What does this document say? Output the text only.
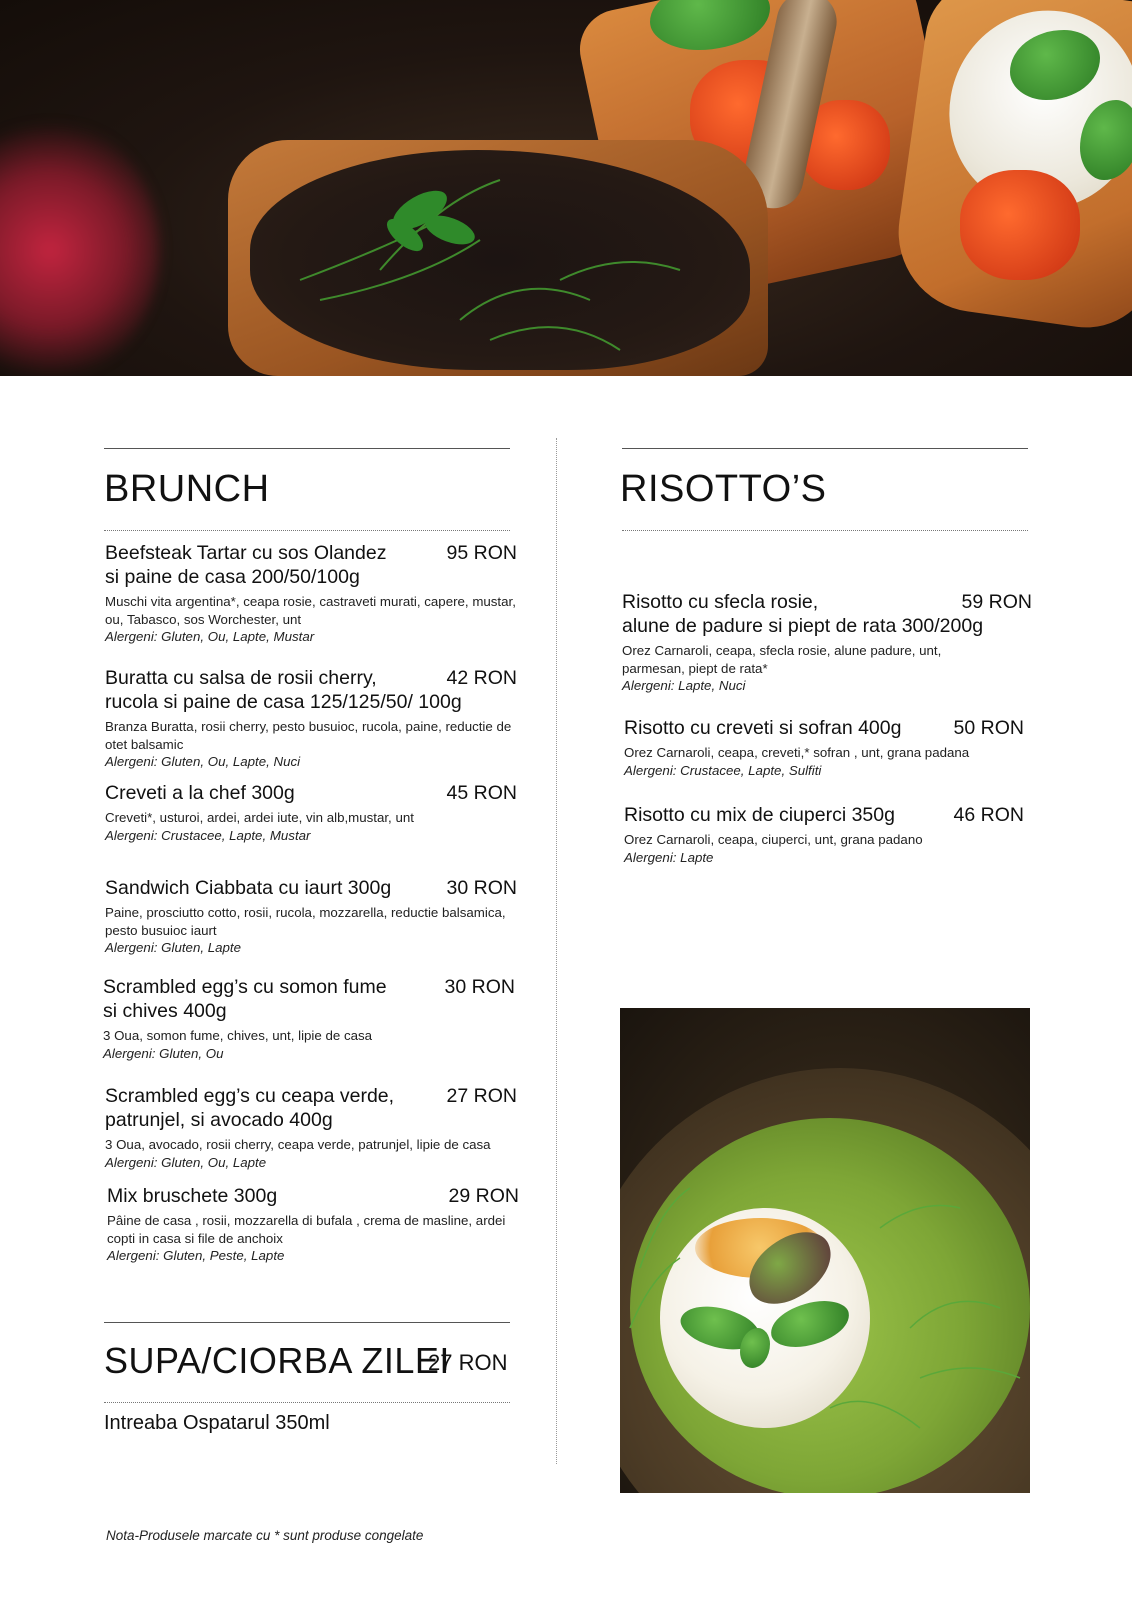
BRUNCH
Beefsteak Tartar cu sos Olandez
si paine de casa 200/50/100g
95 RON
Muschi vita argentina*, ceapa rosie, castraveti murati, capere, mustar, ou, Tabasco, sos Worchester, unt
Alergeni: Gluten, Ou, Lapte, Mustar
Buratta cu salsa de rosii cherry,
rucola si paine de casa 125/125/50/ 100g
42 RON
Branza Buratta, rosii cherry, pesto busuioc, rucola, paine, reductie de otet balsamic
Alergeni: Gluten, Ou, Lapte, Nuci
Creveti a la chef 300g	45 RON
Creveti*, usturoi, ardei, ardei iute, vin alb,mustar, unt
Alergeni: Crustacee, Lapte, Mustar
Sandwich Ciabbata cu iaurt 300g	30 RON
Paine, prosciutto cotto, rosii, rucola, mozzarella, reductie balsamica, pesto busuioc iaurt
Alergeni: Gluten, Lapte
Scrambled egg’s cu somon fume
si chives 400g
30 RON
3 Oua, somon fume, chives, unt, lipie de casa
Alergeni: Gluten, Ou
Scrambled egg’s cu ceapa verde,
patrunjel, si avocado 400g
27 RON
3 Oua, avocado, rosii cherry, ceapa verde, patrunjel, lipie de casa
Alergeni: Gluten, Ou, Lapte
Mix bruschete 300g	29 RON
Pâine de casa , rosii, mozzarella di bufala , crema de masline, ardei copti in casa si file de anchoix
Alergeni: Gluten, Peste, Lapte
SUPA/CIORBA ZILEI
27 RON
Intreaba Ospatarul 350ml
RISOTTO’S
Risotto cu sfecla rosie,
alune de padure si piept de rata 300/200g
59 RON
Orez Carnaroli, ceapa, sfecla rosie, alune padure, unt, parmesan, piept de rata*
Alergeni: Lapte, Nuci
Risotto cu creveti si sofran 400g	50 RON
Orez Carnaroli, ceapa, creveti,* sofran , unt, grana padana
Alergeni: Crustacee, Lapte, Sulfiti
Risotto cu mix de ciuperci 350g	46 RON
Orez Carnaroli, ceapa, ciuperci, unt, grana padano
Alergeni: Lapte
Nota-Produsele marcate cu * sunt produse congelate
